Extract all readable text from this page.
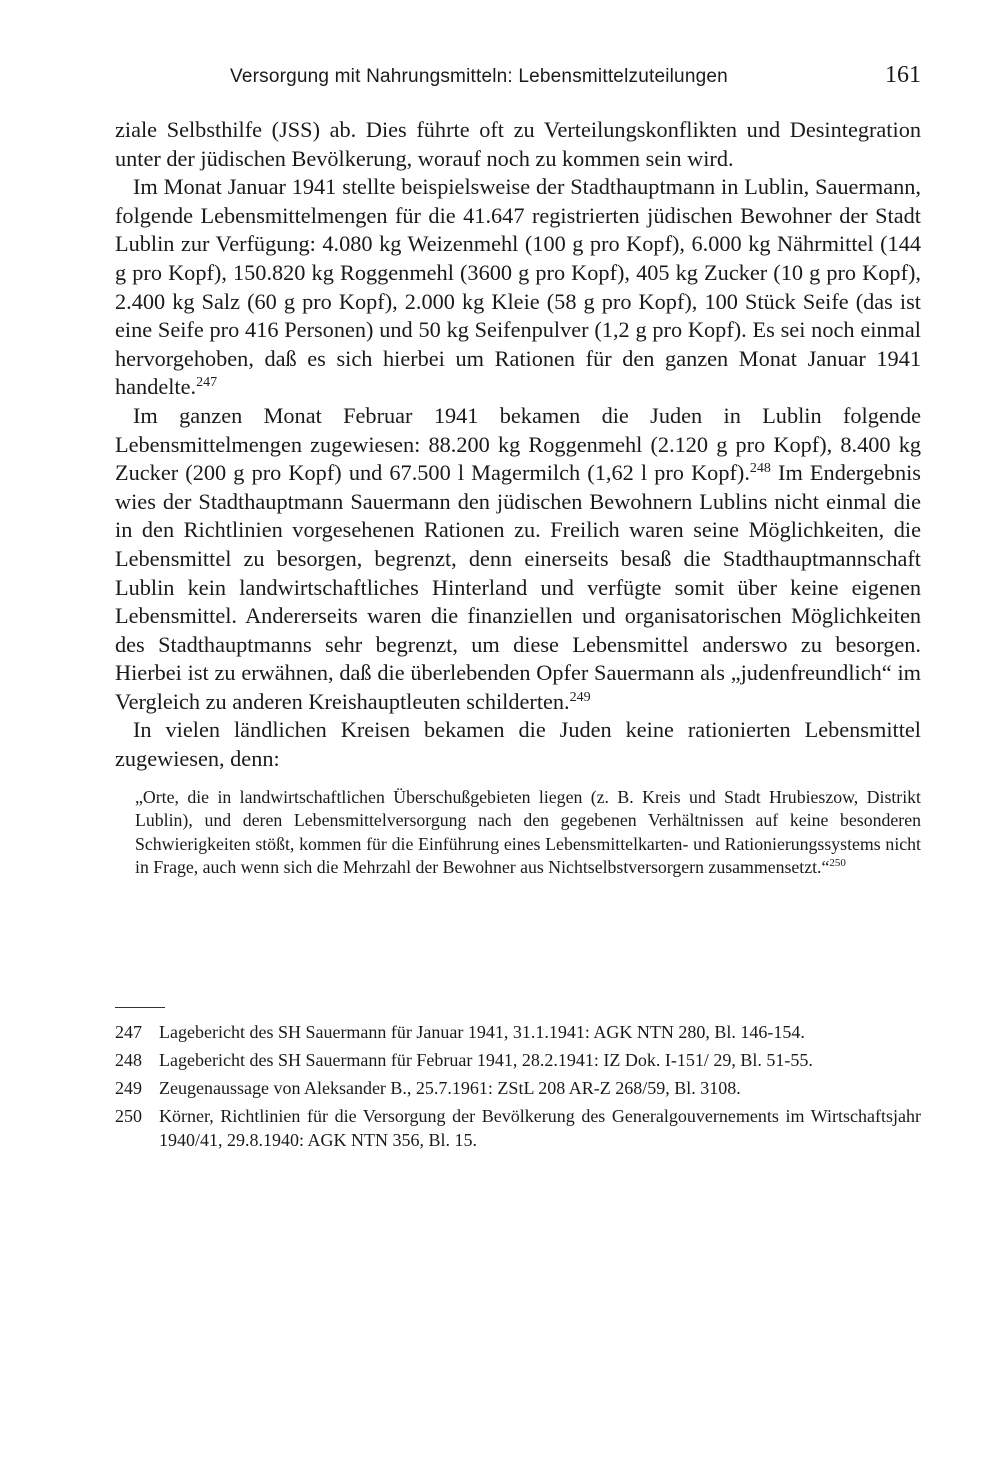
Versorgung mit Nahrungsmitteln: Lebensmittelzuteilungen	161

ziale Selbsthilfe (JSS) ab. Dies führte oft zu Verteilungskonflikten und Desintegration unter der jüdischen Bevölkerung, worauf noch zu kommen sein wird.

Im Monat Januar 1941 stellte beispielsweise der Stadthauptmann in Lublin, Sauermann, folgende Lebensmittelmengen für die 41.647 registrierten jüdischen Bewohner der Stadt Lublin zur Verfügung: 4.080 kg Weizenmehl (100 g pro Kopf), 6.000 kg Nährmittel (144 g pro Kopf), 150.820 kg Roggenmehl (3600 g pro Kopf), 405 kg Zucker (10 g pro Kopf), 2.400 kg Salz (60 g pro Kopf), 2.000 kg Kleie (58 g pro Kopf), 100 Stück Seife (das ist eine Seife pro 416 Personen) und 50 kg Seifenpulver (1,2 g pro Kopf). Es sei noch einmal hervorgehoben, daß es sich hierbei um Rationen für den ganzen Monat Januar 1941 handelte.$^{247}$

Im ganzen Monat Februar 1941 bekamen die Juden in Lublin folgende Lebensmittelmengen zugewiesen: 88.200 kg Roggenmehl (2.120 g pro Kopf), 8.400 kg Zucker (200 g pro Kopf) und 67.500 l Magermilch (1,62 l pro Kopf).$^{248}$ Im Endergebnis wies der Stadthauptmann Sauermann den jüdischen Bewohnern Lublins nicht einmal die in den Richtlinien vorgesehenen Rationen zu. Freilich waren seine Möglichkeiten, die Lebensmittel zu besorgen, begrenzt, denn einerseits besaß die Stadthauptmannschaft Lublin kein landwirtschaftliches Hinterland und verfügte somit über keine eigenen Lebensmittel. Andererseits waren die finanziellen und organisatorischen Möglichkeiten des Stadthauptmanns sehr begrenzt, um diese Lebensmittel anderswo zu besorgen. Hierbei ist zu erwähnen, daß die überlebenden Opfer Sauermann als „judenfreundlich“ im Vergleich zu anderen Kreishauptleuten schilderten.$^{249}$

In vielen ländlichen Kreisen bekamen die Juden keine rationierten Lebensmittel zugewiesen, denn:

„Orte, die in landwirtschaftlichen Überschußgebieten liegen (z. B. Kreis und Stadt Hrubieszow, Distrikt Lublin), und deren Lebensmittelversorgung nach den gegebenen Verhältnissen auf keine besonderen Schwierigkeiten stößt, kommen für die Einführung eines Lebensmittelkarten- und Rationierungssystems nicht in Frage, auch wenn sich die Mehrzahl der Bewohner aus Nichtselbstversorgern zusammensetzt.“$^{250}$
247 Lagebericht des SH Sauermann für Januar 1941, 31.1.1941: AGK NTN 280, Bl. 146-154.
248 Lagebericht des SH Sauermann für Februar 1941, 28.2.1941: IZ Dok. I-151/ 29, Bl. 51-55.
249 Zeugenaussage von Aleksander B., 25.7.1961: ZStL 208 AR-Z 268/59, Bl. 3108.
250 Körner, Richtlinien für die Versorgung der Bevölkerung des Generalgouvernements im Wirtschaftsjahr 1940/41, 29.8.1940: AGK NTN 356, Bl. 15.
